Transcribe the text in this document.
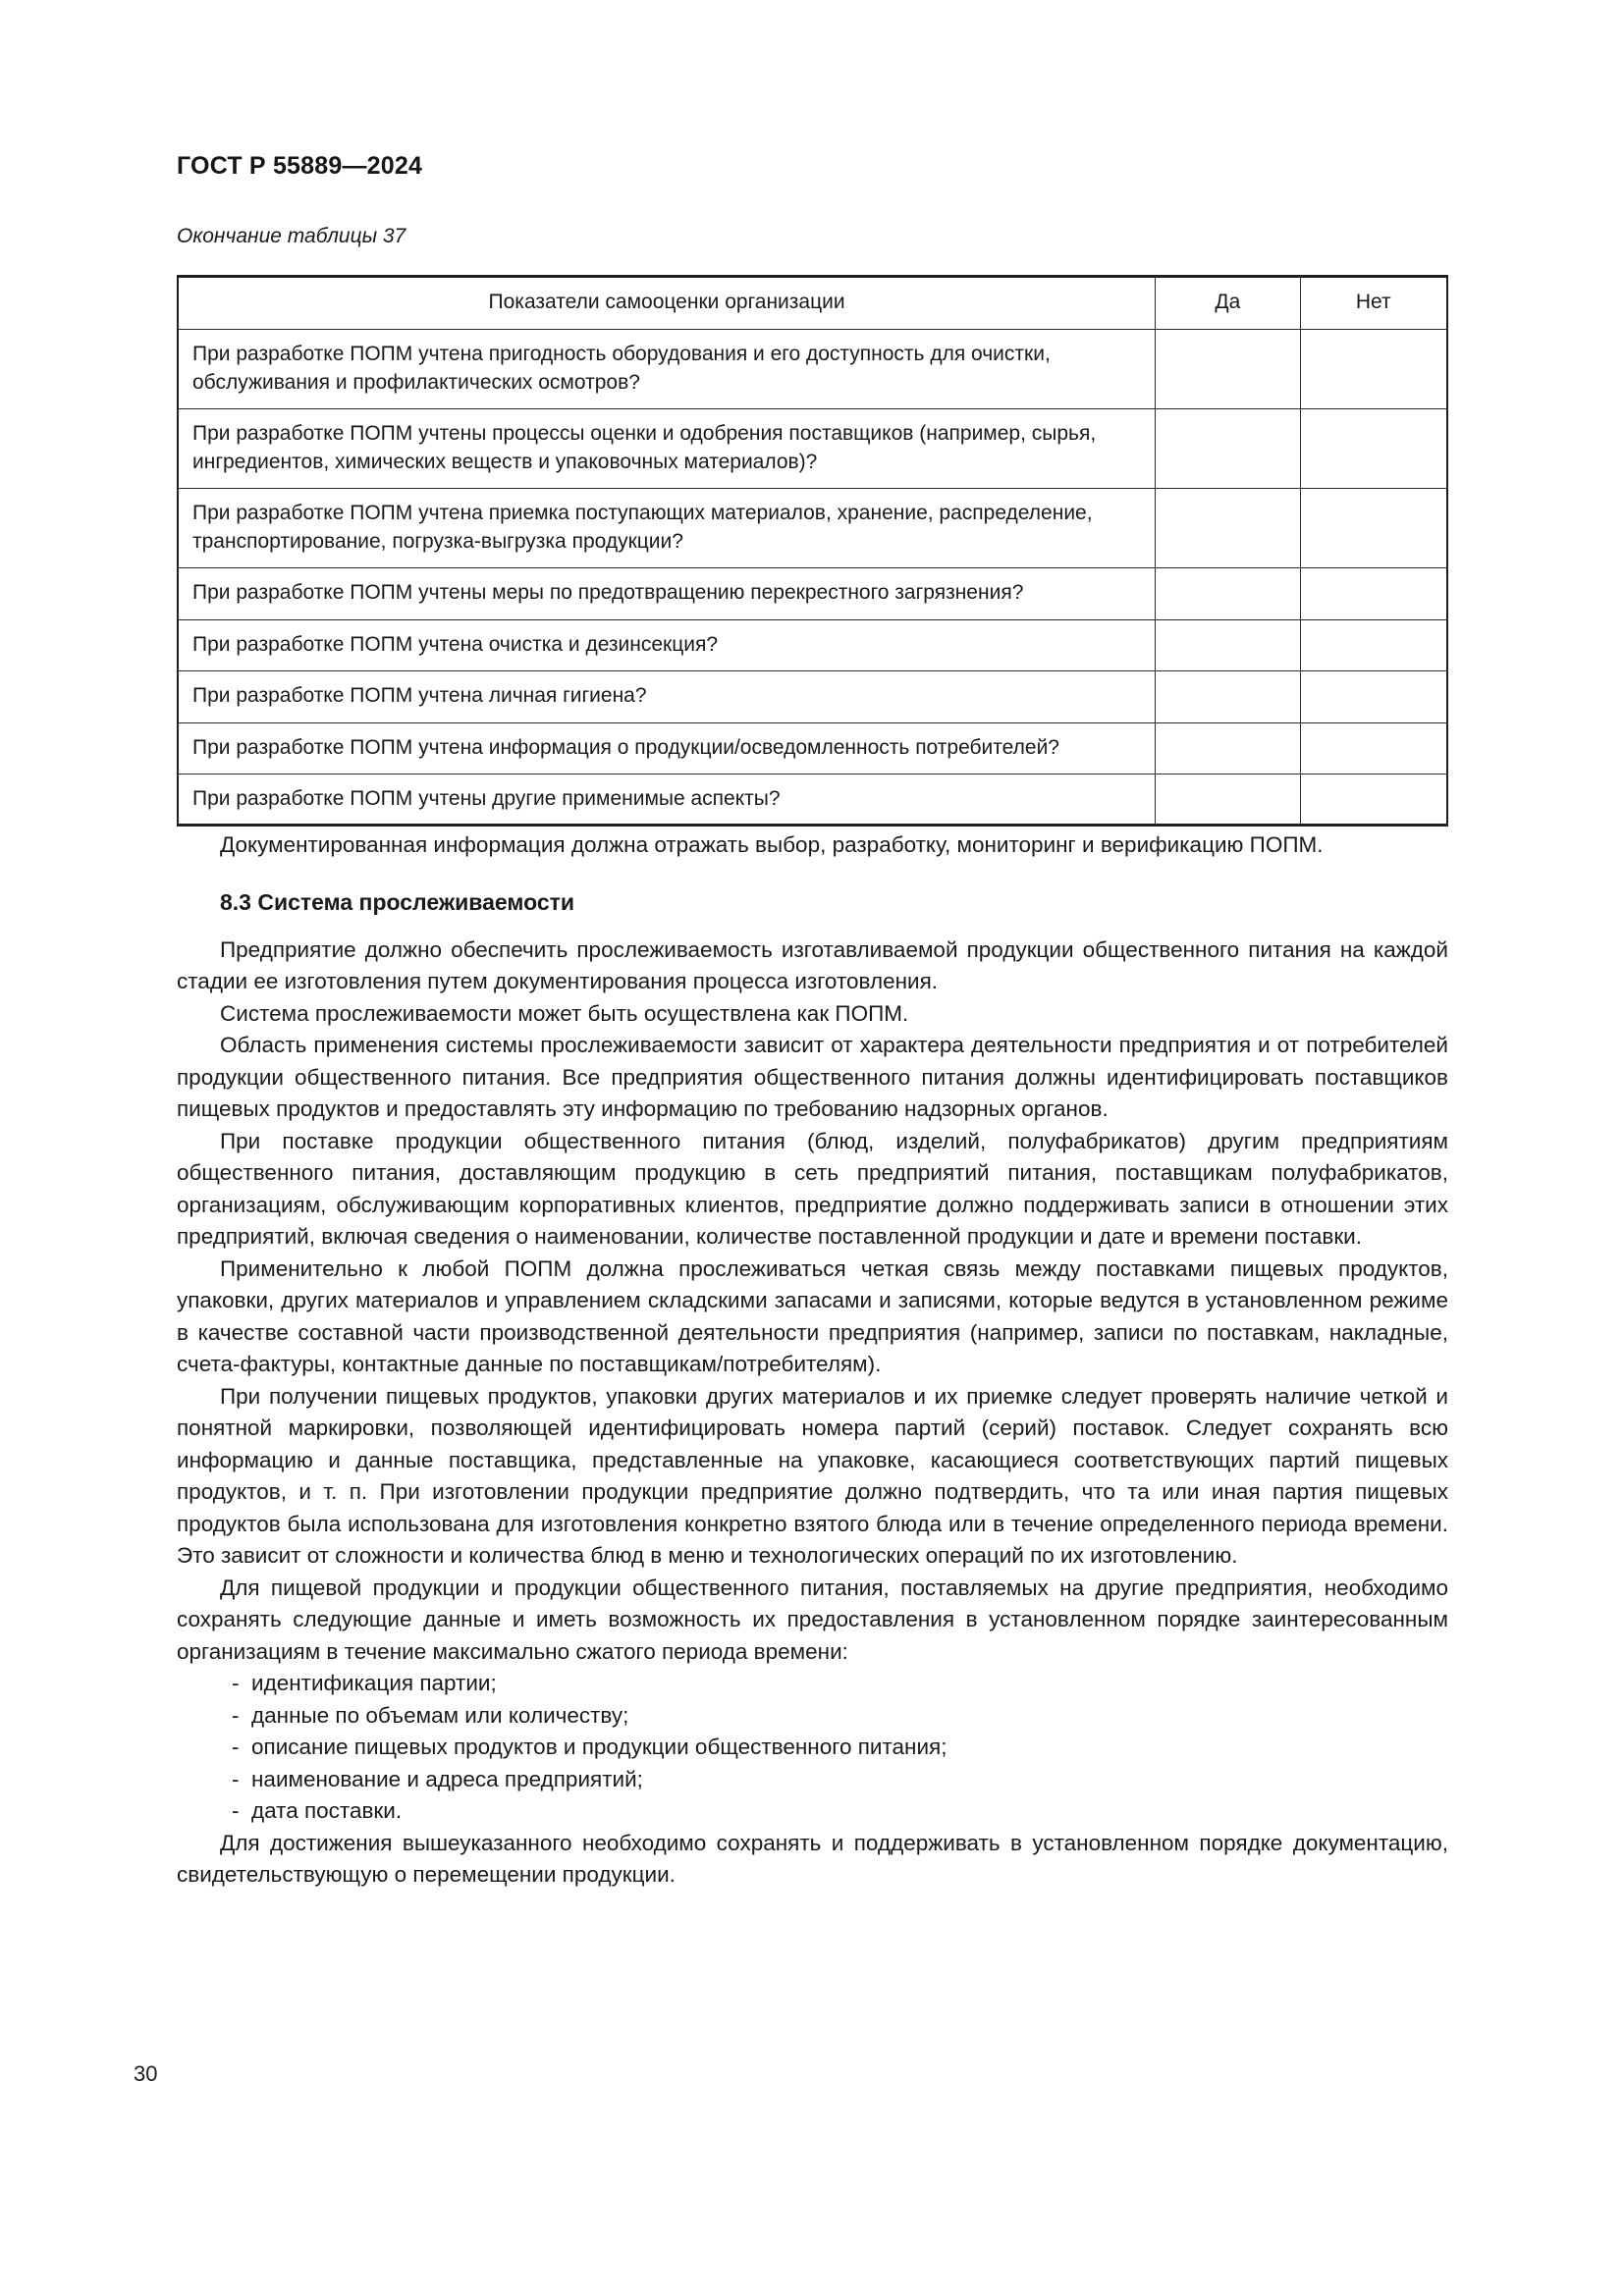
ГОСТ Р 55889—2024
Окончание таблицы 37
Показатели самооценки организации	Да	Нет
При разработке ПОПМ учтена пригодность оборудования и его доступность для очистки, обслуживания и профилактических осмотров?		
При разработке ПОПМ учтены процессы оценки и одобрения поставщиков (например, сырья, ингредиентов, химических веществ и упаковочных материалов)?		
При разработке ПОПМ учтена приемка поступающих материалов, хранение, распределение, транспортирование, погрузка-выгрузка продукции?		
При разработке ПОПМ учтены меры по предотвращению перекрестного загрязнения?		
При разработке ПОПМ учтена очистка и дезинсекция?		
При разработке ПОПМ учтена личная гигиена?		
При разработке ПОПМ учтена информация о продукции/осведомленность потребителей?		
При разработке ПОПМ учтены другие применимые аспекты?		

Документированная информация должна отражать выбор, разработку, мониторинг и верификацию ПОПМ.

8.3 Система прослеживаемости

Предприятие должно обеспечить прослеживаемость изготавливаемой продукции общественного питания на каждой стадии ее изготовления путем документирования процесса изготовления.

Система прослеживаемости может быть осуществлена как ПОПМ.

Область применения системы прослеживаемости зависит от характера деятельности предприятия и от потребителей продукции общественного питания. Все предприятия общественного питания должны идентифицировать поставщиков пищевых продуктов и предоставлять эту информацию по требованию надзорных органов.

При поставке продукции общественного питания (блюд, изделий, полуфабрикатов) другим предприятиям общественного питания, доставляющим продукцию в сеть предприятий питания, поставщикам полуфабрикатов, организациям, обслуживающим корпоративных клиентов, предприятие должно поддерживать записи в отношении этих предприятий, включая сведения о наименовании, количестве поставленной продукции и дате и времени поставки.

Применительно к любой ПОПМ должна прослеживаться четкая связь между поставками пищевых продуктов, упаковки, других материалов и управлением складскими запасами и записями, которые ведутся в установленном режиме в качестве составной части производственной деятельности предприятия (например, записи по поставкам, накладные, счета-фактуры, контактные данные по поставщикам/потребителям).

При получении пищевых продуктов, упаковки других материалов и их приемке следует проверять наличие четкой и понятной маркировки, позволяющей идентифицировать номера партий (серий) поставок. Следует сохранять всю информацию и данные поставщика, представленные на упаковке, касающиеся соответствующих партий пищевых продуктов, и т. п. При изготовлении продукции предприятие должно подтвердить, что та или иная партия пищевых продуктов была использована для изготовления конкретно взятого блюда или в течение определенного периода времени. Это зависит от сложности и количества блюд в меню и технологических операций по их изготовлению.

Для пищевой продукции и продукции общественного питания, поставляемых на другие предприятия, необходимо сохранять следующие данные и иметь возможность их предоставления в установленном порядке заинтересованным организациям в течение максимально сжатого периода времени:

- идентификация партии;
- данные по объемам или количеству;
- описание пищевых продуктов и продукции общественного питания;
- наименование и адреса предприятий;
- дата поставки.

Для достижения вышеуказанного необходимо сохранять и поддерживать в установленном порядке документацию, свидетельствующую о перемещении продукции.

30
